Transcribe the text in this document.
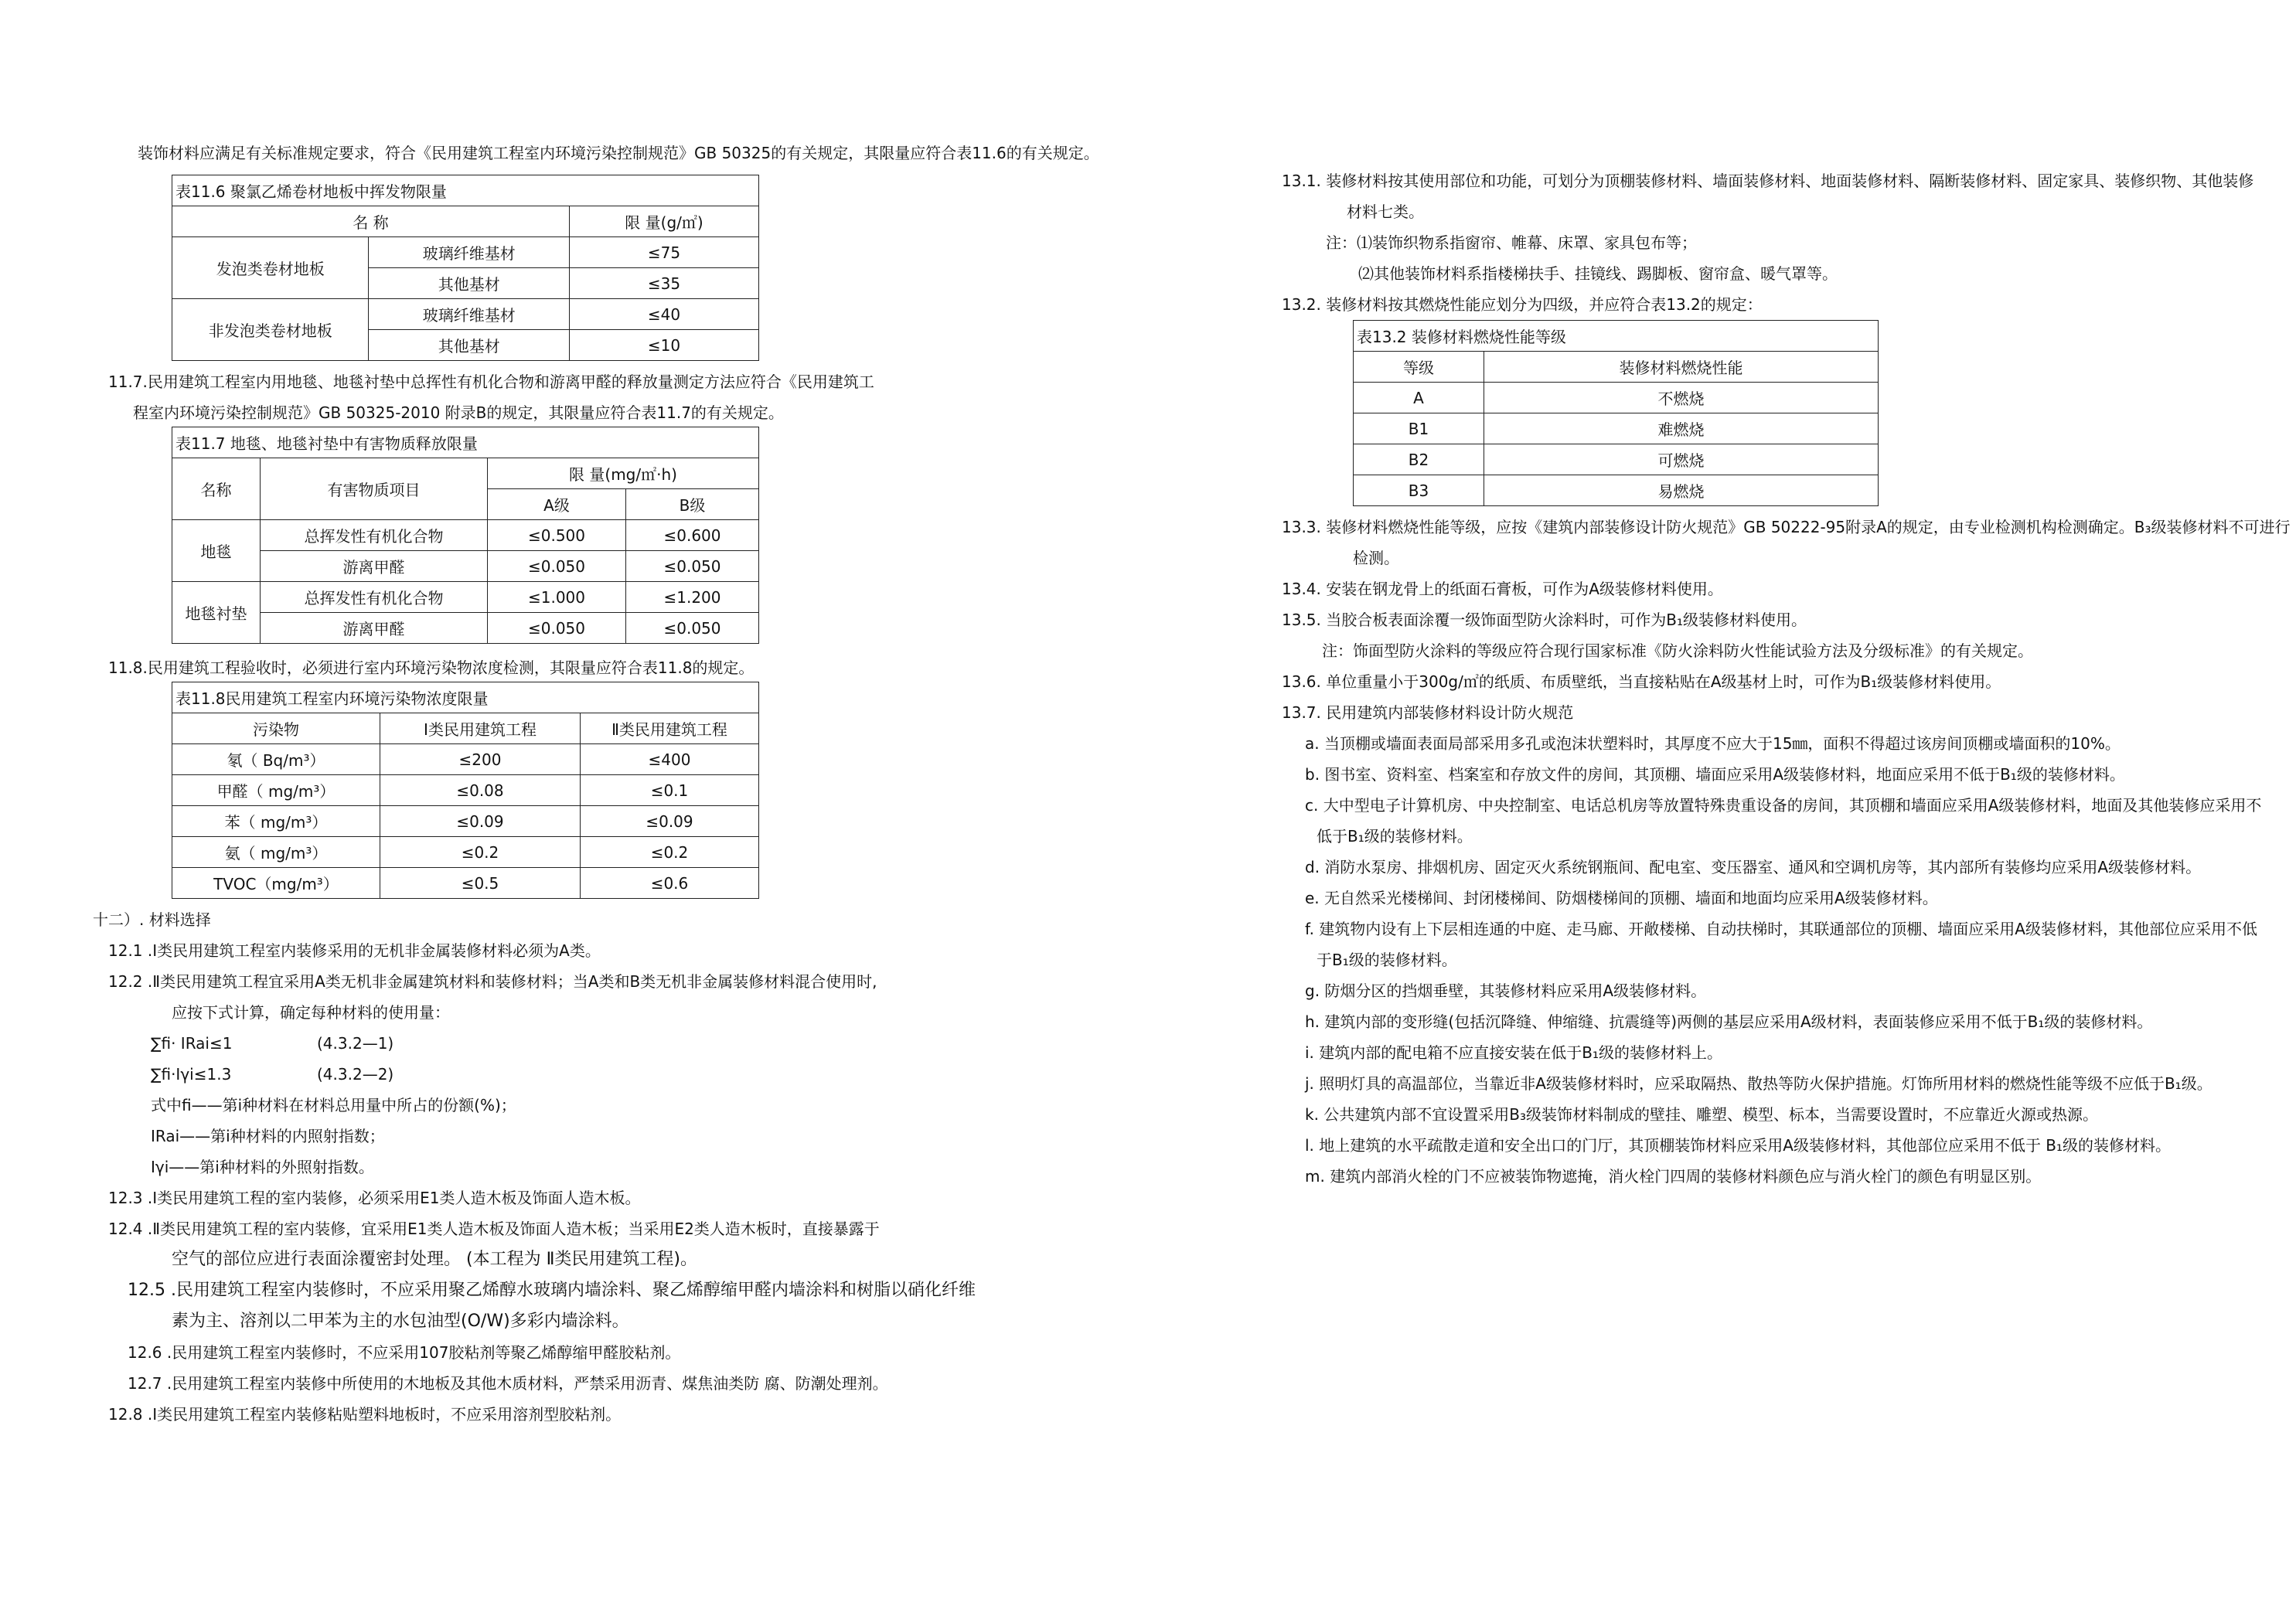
装饰材料应满足有关标准规定要求，符合《民用建筑工程室内环境污染控制规范》GB 50325的有关规定，其限量应符合表11.6的有关规定。
表11.6 聚氯乙烯卷材地板中挥发物限量		
名 称		限 量(g/㎡)
发泡类卷材地板	玻璃纤维基材	≤75
	其他基材	≤35
非发泡类卷材地板	玻璃纤维基材	≤40
	其他基材	≤10
11.7.民用建筑工程室内用地毯、地毯衬垫中总挥性有机化合物和游离甲醛的释放量测定方法应符合《民用建筑工
程室内环境污染控制规范》GB 50325-2010 附录B的规定，其限量应符合表11.7的有关规定。
表11.7 地毯、地毯衬垫中有害物质释放限量			
名称	有害物质项目	限 量(mg/㎡·h)	
		A级	B级
地毯	总挥发性有机化合物	≤0.500	≤0.600
	游离甲醛	≤0.050	≤0.050
地毯衬垫	总挥发性有机化合物	≤1.000	≤1.200
	游离甲醛	≤0.050	≤0.050
11.8.民用建筑工程验收时，必须进行室内环境污染物浓度检测，其限量应符合表11.8的规定。
表11.8民用建筑工程室内环境污染物浓度限量		
污染物	Ⅰ类民用建筑工程	Ⅱ类民用建筑工程
氡（ Bq/m³）	≤200	≤400
甲醛（ mg/m³）	≤0.08	≤0.1
苯（ mg/m³）	≤0.09	≤0.09
氨（ mg/m³）	≤0.2	≤0.2
TVOC（mg/m³）	≤0.5	≤0.6
十二）. 材料选择
12.1 .Ⅰ类民用建筑工程室内装修采用的无机非金属装修材料必须为A类。
12.2 .Ⅱ类民用建筑工程宜采用A类无机非金属建筑材料和装修材料；当A类和B类无机非金属装修材料混合使用时,
应按下式计算，确定每种材料的使用量：
∑fi· IRai≤1	(4.3.2—1)
∑fi·Iγi≤1.3	(4.3.2—2)
式中fi——第i种材料在材料总用量中所占的份额(%)；
IRai——第i种材料的内照射指数；
Iγi——第i种材料的外照射指数。
12.3 .Ⅰ类民用建筑工程的室内装修，必须采用E1类人造木板及饰面人造木板。
12.4 .Ⅱ类民用建筑工程的室内装修，宜采用E1类人造木板及饰面人造木板；当采用E2类人造木板时，直接暴露于
空气的部位应进行表面涂覆密封处理。 (本工程为 Ⅱ类民用建筑工程)。
12.5 .民用建筑工程室内装修时，不应采用聚乙烯醇水玻璃内墙涂料、聚乙烯醇缩甲醛内墙涂料和树脂以硝化纤维
素为主、溶剂以二甲苯为主的水包油型(O/W)多彩内墙涂料。
12.6 .民用建筑工程室内装修时，不应采用107胶粘剂等聚乙烯醇缩甲醛胶粘剂。
12.7 .民用建筑工程室内装修中所使用的木地板及其他木质材料，严禁采用沥青、煤焦油类防 腐、防潮处理剂。
12.8 .Ⅰ类民用建筑工程室内装修粘贴塑料地板时，不应采用溶剂型胶粘剂。
13.1. 装修材料按其使用部位和功能，可划分为顶棚装修材料、墙面装修材料、地面装修材料、隔断装修材料、固定家具、装修织物、其他装修
材料七类。
注：⑴装饰织物系指窗帘、帷幕、床罩、家具包布等；
⑵其他装饰材料系指楼梯扶手、挂镜线、踢脚板、窗帘盒、暖气罩等。
13.2. 装修材料按其燃烧性能应划分为四级，并应符合表13.2的规定：
表13.2 装修材料燃烧性能等级	
等级	装修材料燃烧性能
A	不燃烧
B1	难燃烧
B2	可燃烧
B3	易燃烧
13.3. 装修材料燃烧性能等级，应按《建筑内部装修设计防火规范》GB 50222-95附录A的规定，由专业检测机构检测确定。B₃级装修材料不可进行
检测。
13.4. 安装在钢龙骨上的纸面石膏板，可作为A级装修材料使用。
13.5. 当胶合板表面涂覆一级饰面型防火涂料时，可作为B₁级装修材料使用。
注：饰面型防火涂料的等级应符合现行国家标准《防火涂料防火性能试验方法及分级标准》的有关规定。
13.6. 单位重量小于300g/㎡的纸质、布质壁纸，当直接粘贴在A级基材上时，可作为B₁级装修材料使用。
13.7. 民用建筑内部装修材料设计防火规范
a. 当顶棚或墙面表面局部采用多孔或泡沫状塑料时，其厚度不应大于15㎜，面积不得超过该房间顶棚或墙面积的10%。
b. 图书室、资料室、档案室和存放文件的房间，其顶棚、墙面应采用A级装修材料，地面应采用不低于B₁级的装修材料。
c. 大中型电子计算机房、中央控制室、电话总机房等放置特殊贵重设备的房间，其顶棚和墙面应采用A级装修材料，地面及其他装修应采用不
低于B₁级的装修材料。
d. 消防水泵房、排烟机房、固定灭火系统钢瓶间、配电室、变压器室、通风和空调机房等，其内部所有装修均应采用A级装修材料。
e. 无自然采光楼梯间、封闭楼梯间、防烟楼梯间的顶棚、墙面和地面均应采用A级装修材料。
f. 建筑物内设有上下层相连通的中庭、走马廊、开敞楼梯、自动扶梯时，其联通部位的顶棚、墙面应采用A级装修材料，其他部位应采用不低
于B₁级的装修材料。
g. 防烟分区的挡烟垂壁，其装修材料应采用A级装修材料。
h. 建筑内部的变形缝(包括沉降缝、伸缩缝、抗震缝等)两侧的基层应采用A级材料，表面装修应采用不低于B₁级的装修材料。
i. 建筑内部的配电箱不应直接安装在低于B₁级的装修材料上。
j. 照明灯具的高温部位，当靠近非A级装修材料时，应采取隔热、散热等防火保护措施。灯饰所用材料的燃烧性能等级不应低于B₁级。
k. 公共建筑内部不宜设置采用B₃级装饰材料制成的壁挂、雕塑、模型、标本，当需要设置时，不应靠近火源或热源。
l. 地上建筑的水平疏散走道和安全出口的门厅，其顶棚装饰材料应采用A级装修材料，其他部位应采用不低于 B₁级的装修材料。
m. 建筑内部消火栓的门不应被装饰物遮掩，消火栓门四周的装修材料颜色应与消火栓门的颜色有明显区别。
